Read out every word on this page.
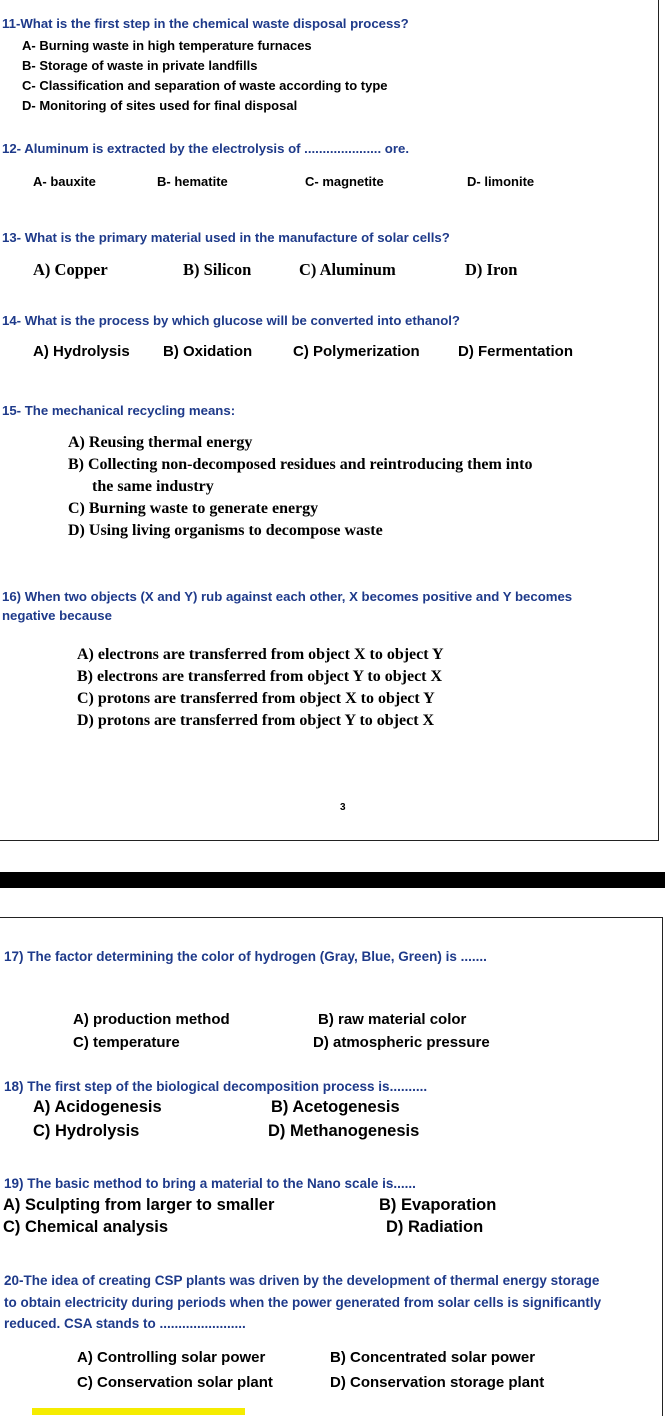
11-What is the first step in the chemical waste disposal process?
A- Burning waste in high temperature furnaces
B- Storage of waste in private landfills
C- Classification and separation of waste according to type
D- Monitoring of sites used for final disposal
12- Aluminum is extracted by the electrolysis of ..................... ore.
A- bauxite	B- hematite	C- magnetite	D- limonite
13- What is the primary material used in the manufacture of solar cells?
A) Copper	B) Silicon	C) Aluminum	D) Iron
14- What is the process by which glucose will be converted into ethanol?
A) Hydrolysis B) Oxidation	C) Polymerization	D) Fermentation
15- The mechanical recycling means:
A) Reusing thermal energy
B) Collecting non-decomposed residues and reintroducing them into
the same industry
C) Burning waste to generate energy
D) Using living organisms to decompose waste
16) When two objects (X and Y) rub against each other, X becomes positive and Y becomes
negative because
A) electrons are transferred from object X to object Y
B) electrons are transferred from object Y to object X
C) protons are transferred from object X to object Y
D) protons are transferred from object Y to object X
3
17) The factor determining the color of hydrogen (Gray, Blue, Green) is .......
A) production method	B) raw material color
C) temperature	D) atmospheric pressure
18) The first step of the biological decomposition process is..........
A) Acidogenesis	B) Acetogenesis
C) Hydrolysis	D) Methanogenesis
19) The basic method to bring a material to the Nano scale is......
A) Sculpting from larger to smaller	B) Evaporation
C) Chemical analysis	D) Radiation
20-The idea of creating CSP plants was driven by the development of thermal energy storage
to obtain electricity during periods when the power generated from solar cells is significantly
reduced. CSA stands to .......................
A) Controlling solar power	B) Concentrated solar power
C) Conservation solar plant	D) Conservation storage plant
